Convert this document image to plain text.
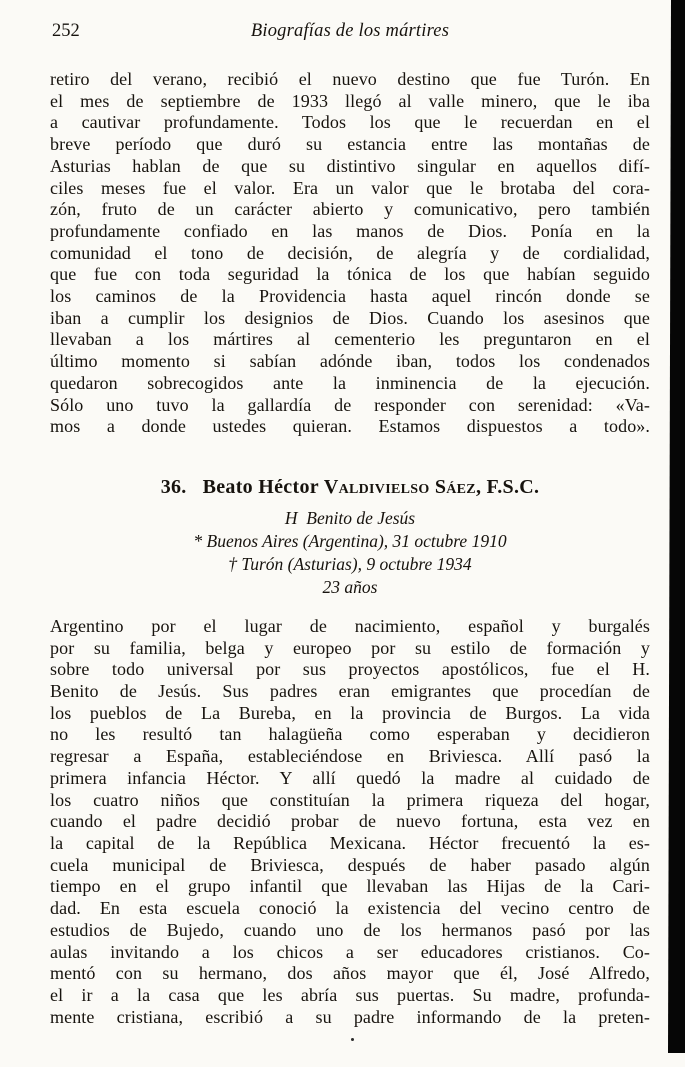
252	Biografías de los mártires
retiro del verano, recibió el nuevo destino que fue Turón. En
el mes de septiembre de 1933 llegó al valle minero, que le iba
a cautivar profundamente. Todos los que le recuerdan en el
breve período que duró su estancia entre las montañas de
Asturias hablan de que su distintivo singular en aquellos difí-
ciles meses fue el valor. Era un valor que le brotaba del cora-
zón, fruto de un carácter abierto y comunicativo, pero también
profundamente confiado en las manos de Dios. Ponía en la
comunidad el tono de decisión, de alegría y de cordialidad,
que fue con toda seguridad la tónica de los que habían seguido
los caminos de la Providencia hasta aquel rincón donde se
iban a cumplir los designios de Dios. Cuando los asesinos que
llevaban a los mártires al cementerio les preguntaron en el
último momento si sabían adónde iban, todos los condenados
quedaron sobrecogidos ante la inminencia de la ejecución.
Sólo uno tuvo la gallardía de responder con serenidad: «Va-
mos a donde ustedes quieran. Estamos dispuestos a todo».
36. Beato Héctor Valdivielso Sáez, F.S.C.
H  Benito de Jesús
* Buenos Aires (Argentina), 31 octubre 1910
† Turón (Asturias), 9 octubre 1934
23 años
Argentino por el lugar de nacimiento, español y burgalés
por su familia, belga y europeo por su estilo de formación y
sobre todo universal por sus proyectos apostólicos, fue el H.
Benito de Jesús. Sus padres eran emigrantes que procedían de
los pueblos de La Bureba, en la provincia de Burgos. La vida
no les resultó tan halagüeña como esperaban y decidieron
regresar a España, estableciéndose en Briviesca. Allí pasó la
primera infancia Héctor. Y allí quedó la madre al cuidado de
los cuatro niños que constituían la primera riqueza del hogar,
cuando el padre decidió probar de nuevo fortuna, esta vez en
la capital de la República Mexicana. Héctor frecuentó la es-
cuela municipal de Briviesca, después de haber pasado algún
tiempo en el grupo infantil que llevaban las Hijas de la Cari-
dad. En esta escuela conoció la existencia del vecino centro de
estudios de Bujedo, cuando uno de los hermanos pasó por las
aulas invitando a los chicos a ser educadores cristianos. Co-
mentó con su hermano, dos años mayor que él, José Alfredo,
el ir a la casa que les abría sus puertas. Su madre, profunda-
mente cristiana, escribió a su padre informando de la preten-
